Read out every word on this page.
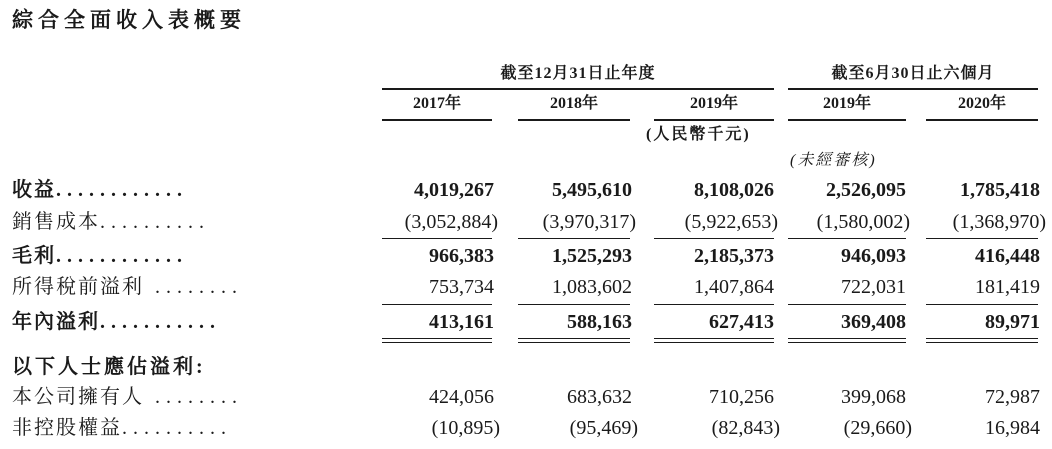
綜合全面收入表概要
截至12月31日止年度	截至6月30日止六個月
2017年	2018年	2019年	2019年	2020年
(人民幣千元)
(未經審核)
收益............	4,019,267	5,495,610	8,108,026	2,526,095	1,785,418
銷售成本..........	(3,052,884)	(3,970,317)	(5,922,653)	(1,580,002)	(1,368,970)
毛利............	966,383	1,525,293	2,185,373	946,093	416,448
所得稅前溢利 ........	753,734	1,083,602	1,407,864	722,031	181,419
年內溢利...........	413,161	588,163	627,413	369,408	89,971
以下人士應佔溢利:
本公司擁有人 ........	424,056	683,632	710,256	399,068	72,987
非控股權益..........	(10,895)	(95,469)	(82,843)	(29,660)	16,984
